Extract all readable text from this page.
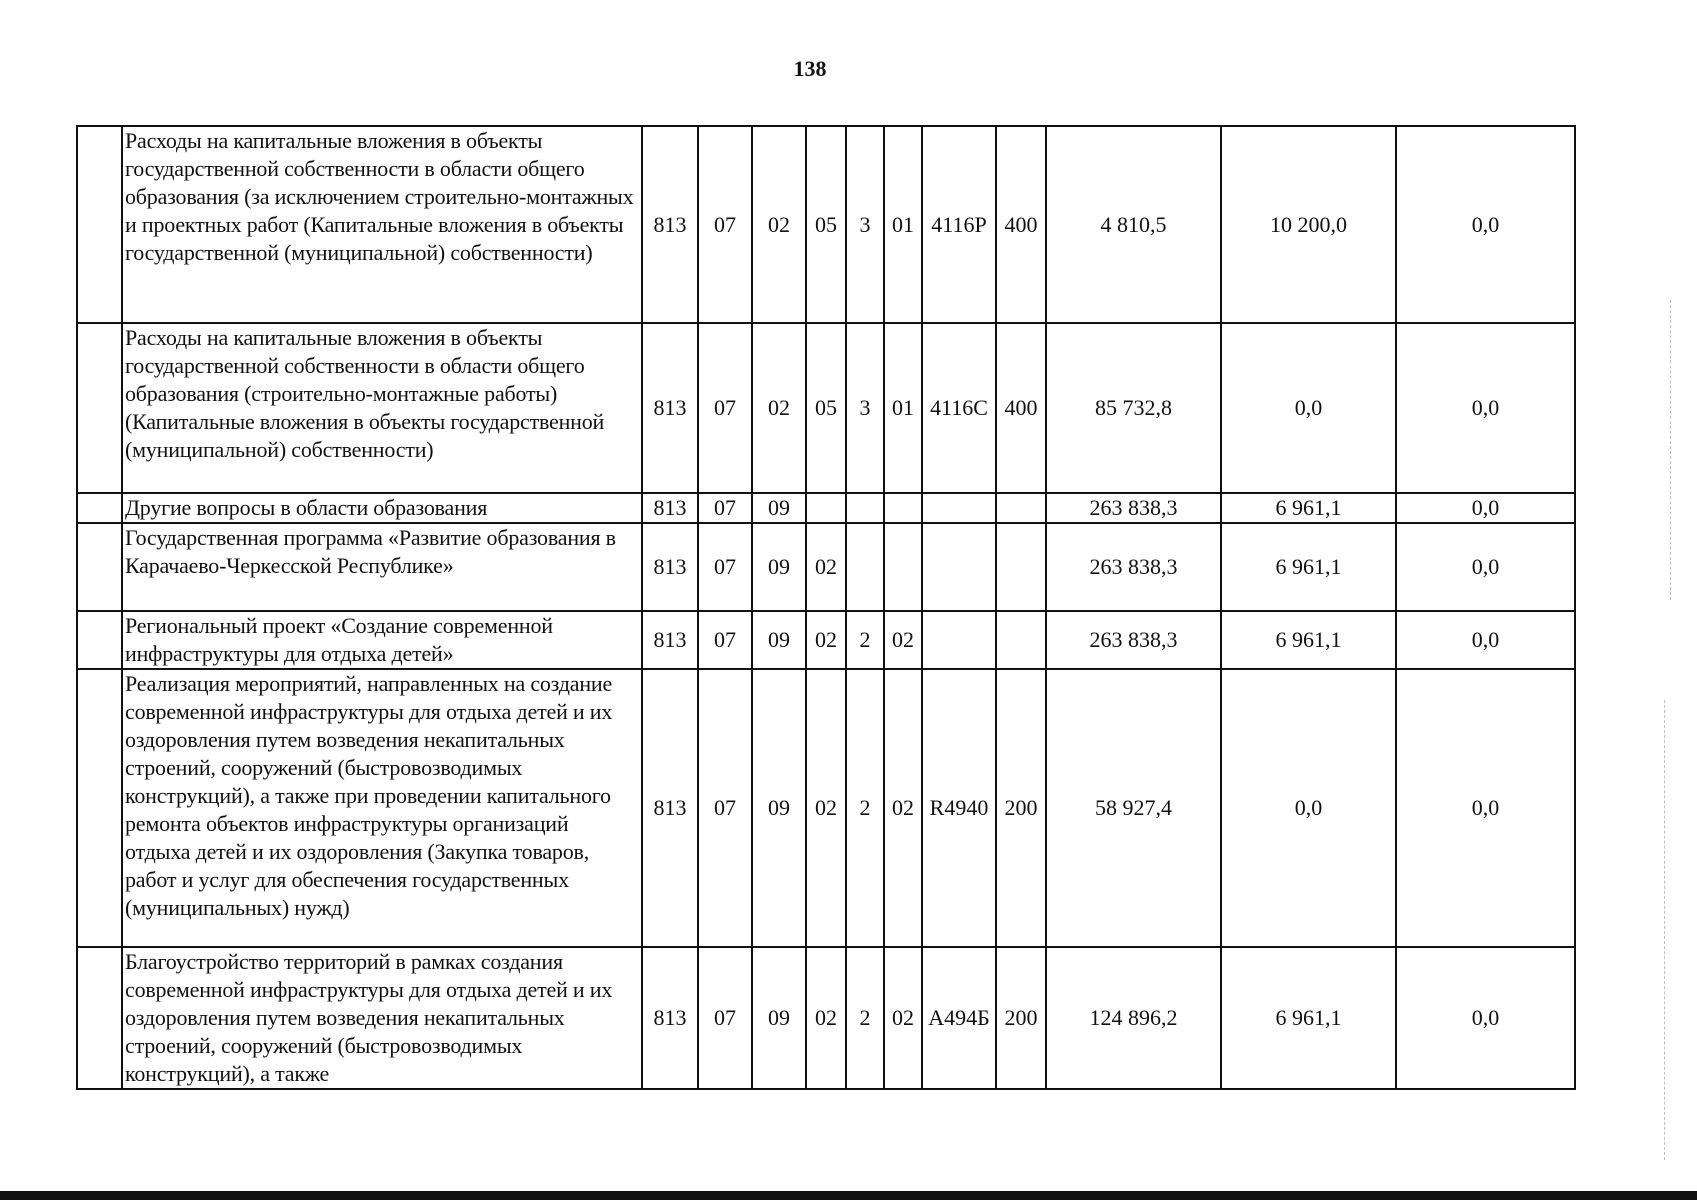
138
	Расходы на капитальные вложения в объекты государственной собственности в области общего образования (за исключением строительно-монтажных и проектных работ (Капитальные вложения в объекты государственной (муниципальной) собственности)	813	07	02	05	3	01	4116Р	400	4 810,5	10 200,0	0,0
	Расходы на капитальные вложения в объекты государственной собственности в области общего образования (строительно-монтажные работы) (Капитальные вложения в объекты государственной (муниципальной) собственности)	813	07	02	05	3	01	4116С	400	85 732,8	0,0	0,0
	Другие вопросы в области образования	813	07	09						263 838,3	6 961,1	0,0
	Государственная программа «Развитие образования в Карачаево-Черкесской Республике»	813	07	09	02					263 838,3	6 961,1	0,0
	Региональный проект «Создание современной инфраструктуры для отдыха детей»	813	07	09	02	2	02			263 838,3	6 961,1	0,0
	Реализация мероприятий, направленных на создание современной инфраструктуры для отдыха детей и их оздоровления путем возведения некапитальных строений, сооружений (быстровозводимых конструкций), а также при проведении капитального ремонта объектов инфраструктуры организаций отдыха детей и их оздоровления (Закупка товаров, работ и услуг для обеспечения государственных (муниципальных) нужд)	813	07	09	02	2	02	R4940	200	58 927,4	0,0	0,0
	Благоустройство территорий в рамках создания современной инфраструктуры для отдыха детей и их оздоровления путем возведения некапитальных строений, сооружений (быстровозводимых конструкций), а также	813	07	09	02	2	02	А494Б	200	124 896,2	6 961,1	0,0
